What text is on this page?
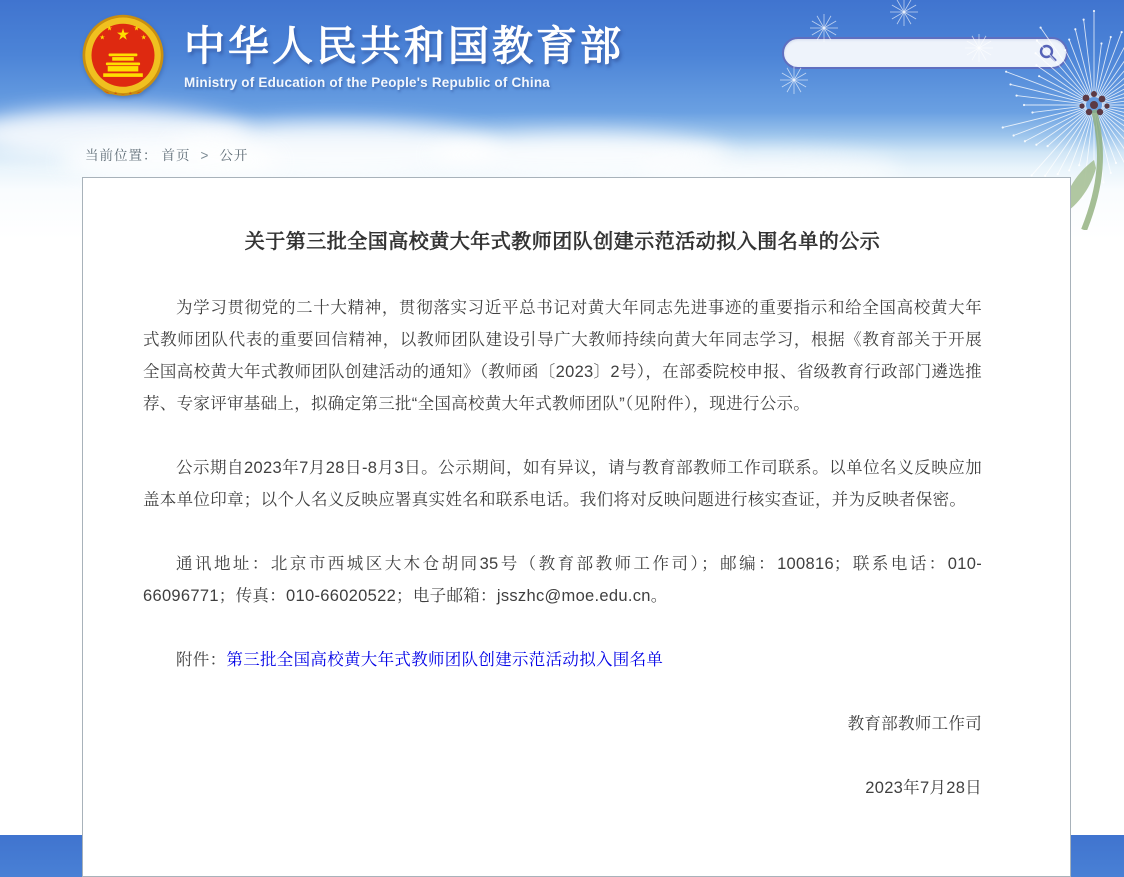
中华人民共和国教育部
Ministry of Education of the People's Republic of China
当前位置： 首页 > 公开
关于第三批全国高校黄大年式教师团队创建示范活动拟入围名单的公示

为学习贯彻党的二十大精神，贯彻落实习近平总书记对黄大年同志先进事迹的重要指示和给全国高校黄大年式教师团队代表的重要回信精神，以教师团队建设引导广大教师持续向黄大年同志学习，根据《教育部关于开展全国高校黄大年式教师团队创建活动的通知》（教师函〔2023〕2号），在部委院校申报、省级教育行政部门遴选推荐、专家评审基础上，拟确定第三批“全国高校黄大年式教师团队”（见附件），现进行公示。

公示期自2023年7月28日-8月3日。公示期间，如有异议，请与教育部教师工作司联系。以单位名义反映应加盖本单位印章；以个人名义反映应署真实姓名和联系电话。我们将对反映问题进行核实查证，并为反映者保密。

通讯地址：北京市西城区大木仓胡同35号（教育部教师工作司）；邮编：100816；联系电话：010-66096771；传真：010-66020522；电子邮箱：jsszhc@moe.edu.cn。

附件：第三批全国高校黄大年式教师团队创建示范活动拟入围名单

教育部教师工作司

2023年7月28日
